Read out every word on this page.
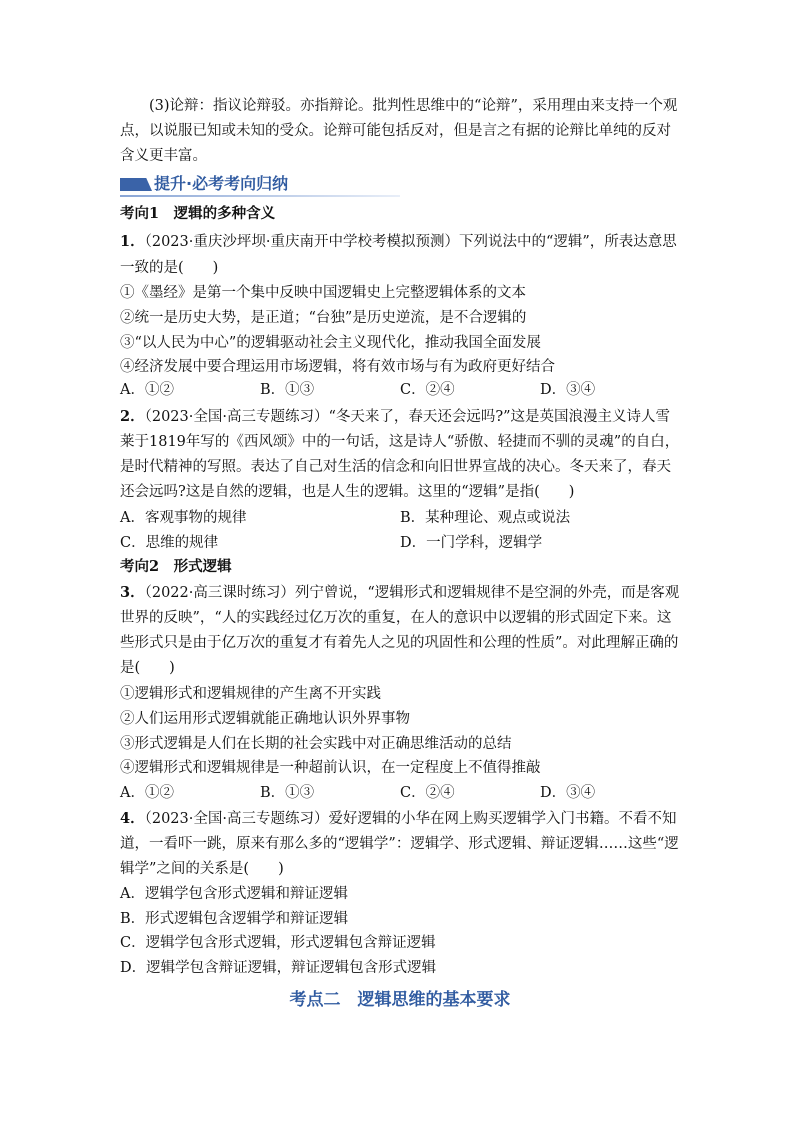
(3)论辩：指议论辩驳。亦指辩论。批判性思维中的“论辩”，采用理由来支持一个观点，以说服已知或未知的受众。论辩可能包括反对，但是言之有据的论辩比单纯的反对含义更丰富。

提升·必考考向归纳
考向1　逻辑的多种含义
1．（2023·重庆沙坪坝·重庆南开中学校考模拟预测）下列说法中的“逻辑”，所表达意思
一致的是(　　)
①《墨经》是第一个集中反映中国逻辑史上完整逻辑体系的文本
②统一是历史大势，是正道；“台独”是历史逆流，是不合逻辑的
③“以人民为中心”的逻辑驱动社会主义现代化，推动我国全面发展
④经济发展中要合理运用市场逻辑，将有效市场与有为政府更好结合
A．①②	B．①③	C．②④	D．③④

2．（2023·全国·高三专题练习）“冬天来了，春天还会远吗?”这是英国浪漫主义诗人雪莱于1819年写的《西风颂》中的一句话，这是诗人“骄傲、轻捷而不驯的灵魂”的自白，是时代精神的写照。表达了自己对生活的信念和向旧世界宣战的决心。冬天来了，春天还会远吗?这是自然的逻辑，也是人生的逻辑。这里的“逻辑”是指(　　)

A．客观事物的规律	B．某种理论、观点或说法
C．思维的规律	D．一门学科，逻辑学
考向2　形式逻辑

3．（2022·高三课时练习）列宁曾说，“逻辑形式和逻辑规律不是空洞的外壳，而是客观世界的反映”，“人的实践经过亿万次的重复，在人的意识中以逻辑的形式固定下来。这些形式只是由于亿万次的重复才有着先人之见的巩固性和公理的性质”。对此理解正确的是(　　)

①逻辑形式和逻辑规律的产生离不开实践
②人们运用形式逻辑就能正确地认识外界事物
③形式逻辑是人们在长期的社会实践中对正确思维活动的总结
④逻辑形式和逻辑规律是一种超前认识，在一定程度上不值得推敲
A．①②	B．①③	C．②④	D．③④

4．（2023·全国·高三专题练习）爱好逻辑的小华在网上购买逻辑学入门书籍。不看不知道，一看吓一跳，原来有那么多的“逻辑学”：逻辑学、形式逻辑、辩证逻辑……这些“逻辑学”之间的关系是(　　)

A．逻辑学包含形式逻辑和辩证逻辑
B．形式逻辑包含逻辑学和辩证逻辑
C．逻辑学包含形式逻辑，形式逻辑包含辩证逻辑
D．逻辑学包含辩证逻辑，辩证逻辑包含形式逻辑
考点二　逻辑思维的基本要求
